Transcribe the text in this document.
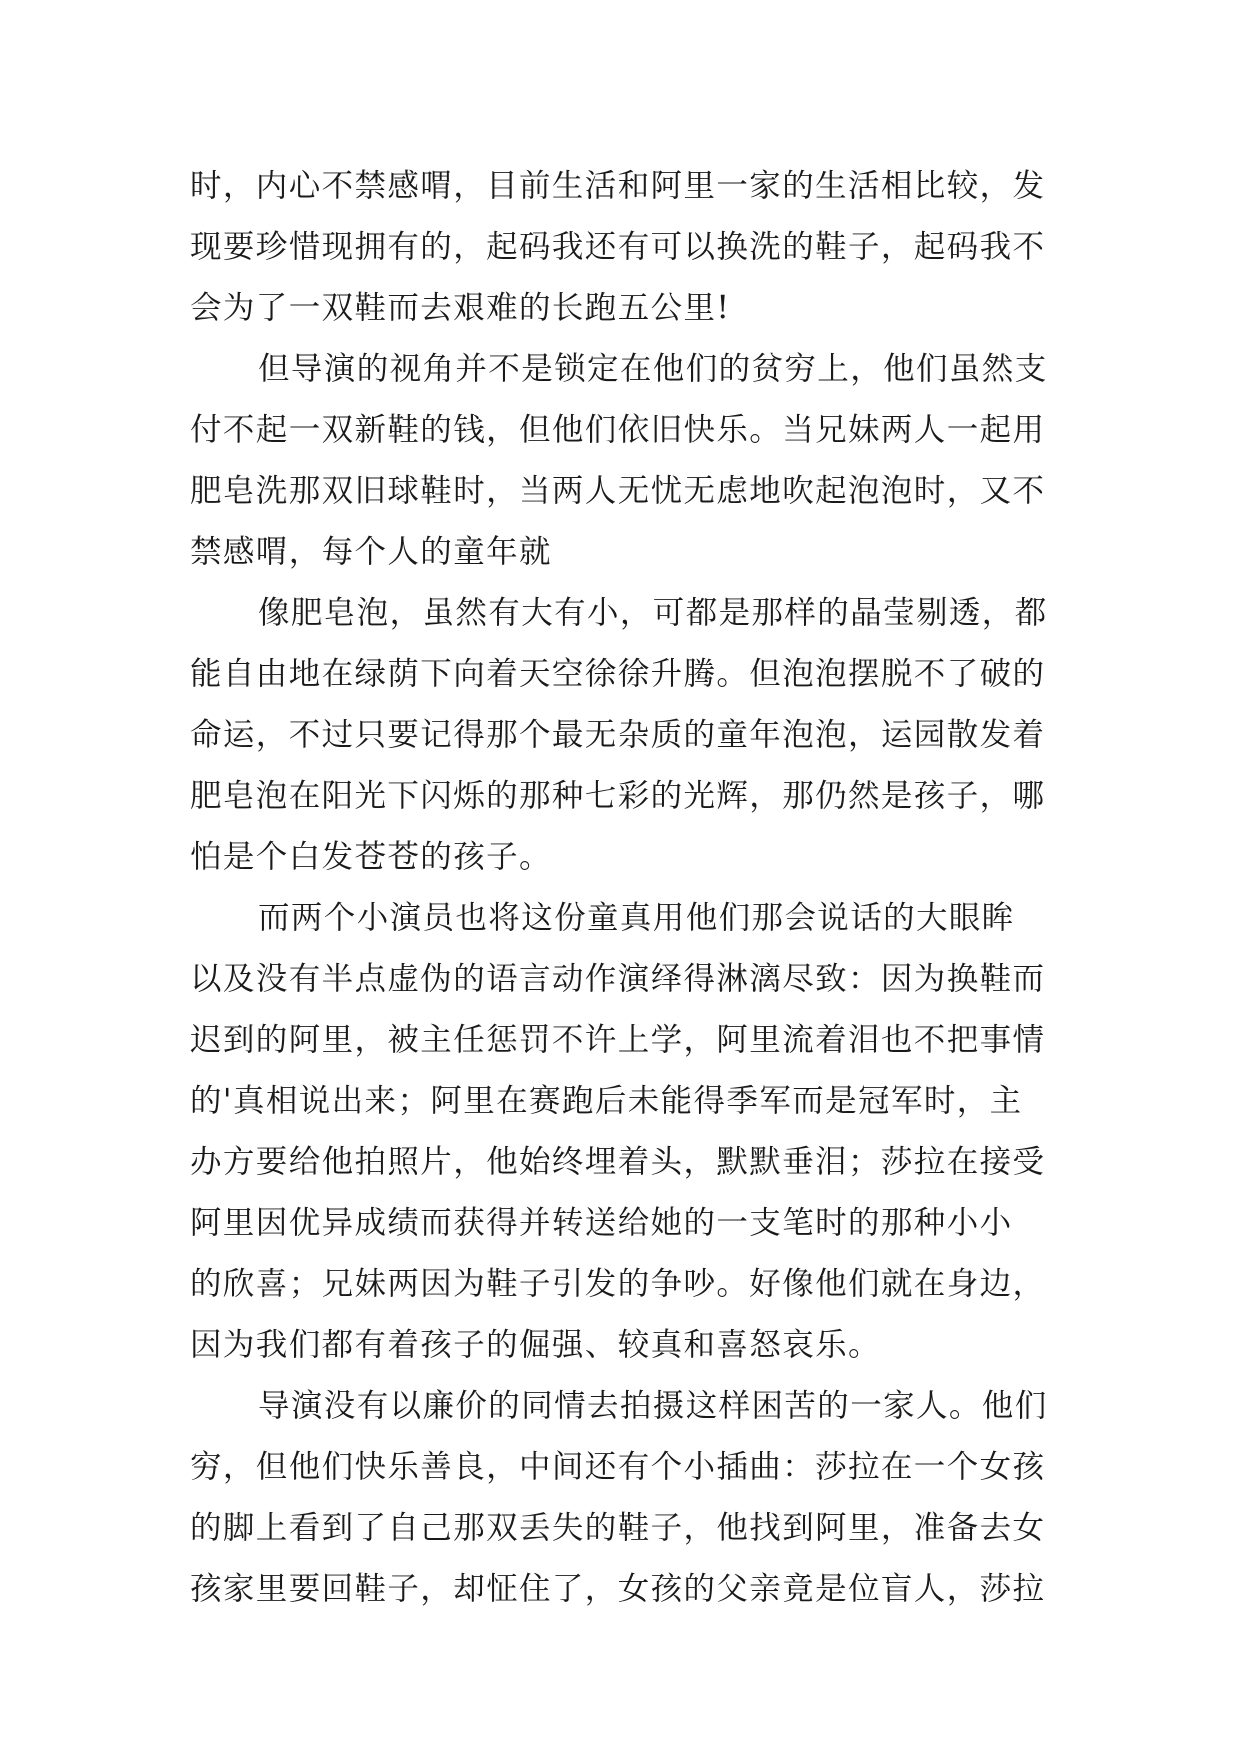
时，内心不禁感喟，目前生活和阿里一家的生活相比较，发
现要珍惜现拥有的，起码我还有可以换洗的鞋子，起码我不
会为了一双鞋而去艰难的长跑五公里!
但导演的视角并不是锁定在他们的贫穷上，他们虽然支
付不起一双新鞋的钱，但他们依旧快乐。当兄妹两人一起用
肥皂洗那双旧球鞋时，当两人无忧无虑地吹起泡泡时，又不
禁感喟，每个人的童年就
像肥皂泡，虽然有大有小，可都是那样的晶莹剔透，都
能自由地在绿荫下向着天空徐徐升腾。但泡泡摆脱不了破的
命运，不过只要记得那个最无杂质的童年泡泡，运园散发着
肥皂泡在阳光下闪烁的那种七彩的光辉，那仍然是孩子，哪
怕是个白发苍苍的孩子。
而两个小演员也将这份童真用他们那会说话的大眼眸
以及没有半点虚伪的语言动作演绎得淋漓尽致：因为换鞋而
迟到的阿里，被主任惩罚不许上学，阿里流着泪也不把事情
的'真相说出来；阿里在赛跑后未能得季军而是冠军时，主
办方要给他拍照片，他始终埋着头，默默垂泪；莎拉在接受
阿里因优异成绩而获得并转送给她的一支笔时的那种小小
的欣喜；兄妹两因为鞋子引发的争吵。好像他们就在身边，
因为我们都有着孩子的倔强、较真和喜怒哀乐。
导演没有以廉价的同情去拍摄这样困苦的一家人。他们
穷，但他们快乐善良，中间还有个小插曲：莎拉在一个女孩
的脚上看到了自己那双丢失的鞋子，他找到阿里，准备去女
孩家里要回鞋子，却怔住了，女孩的父亲竟是位盲人，莎拉
